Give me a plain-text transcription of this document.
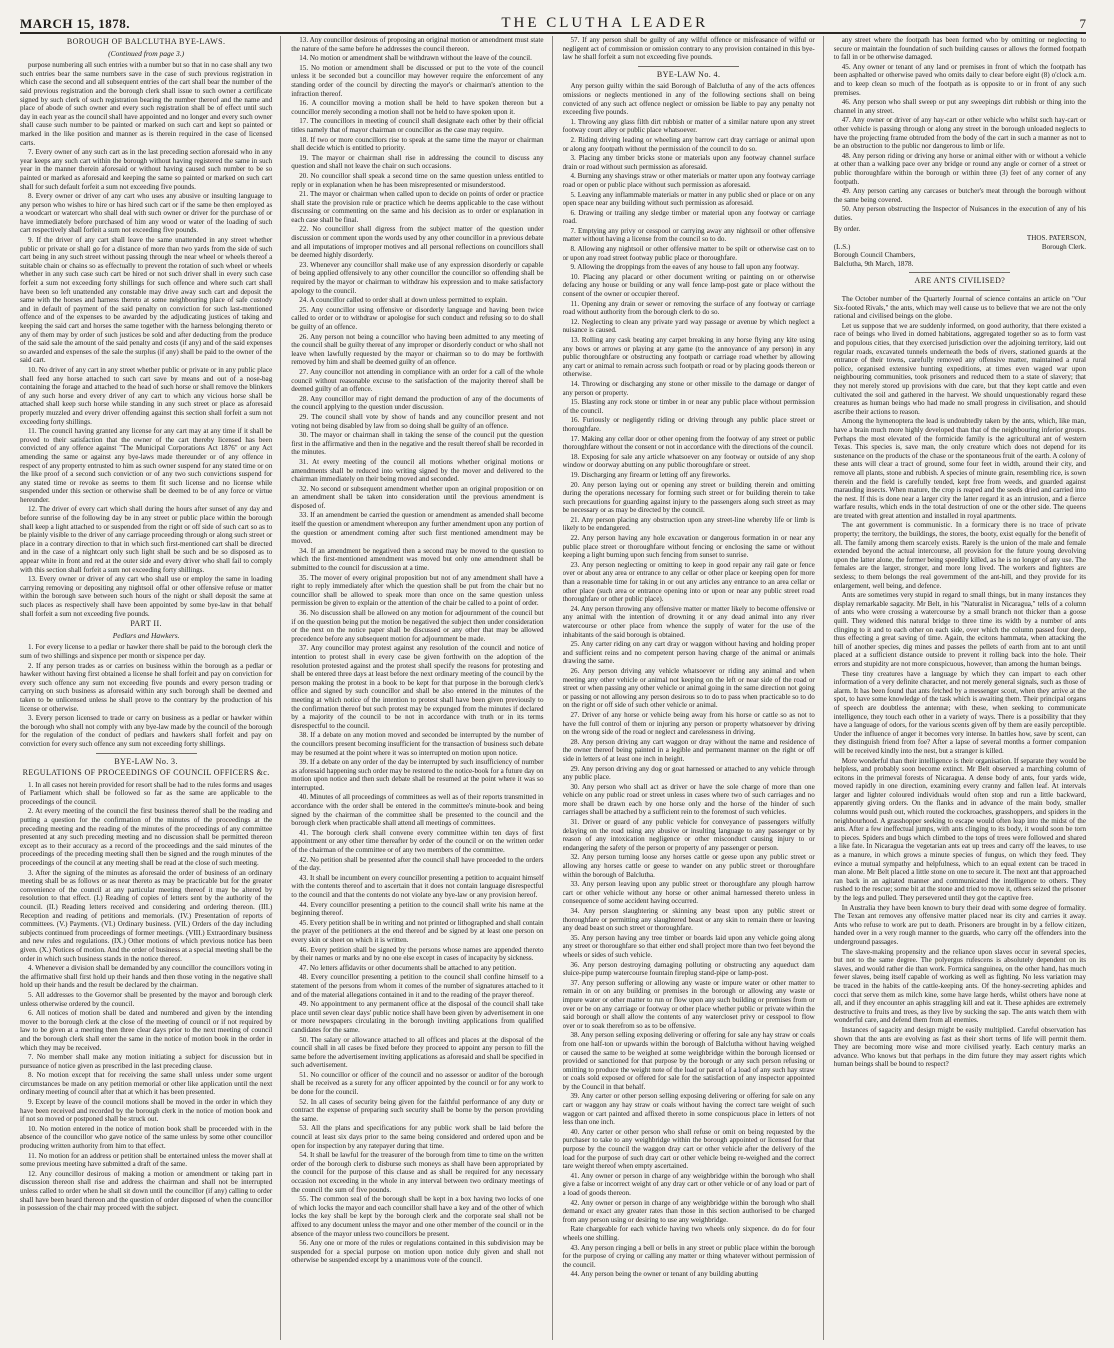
MARCH 15, 1878.	THE CLUTHA LEADER	7
BOROUGH OF BALCLUTHA BYE-LAWS.
(Continued from page 3.)

purpose numbering all such entries with a number but so that in no case shall any two such entries bear the same numbers save in the case of such previous registration in which case the second and all subsequent entries of the cart shall bear the number of the said previous registration and the borough clerk shall issue to such owner a certificate signed by such clerk of such registration bearing the number thereof and the name and place of abode of such owner and every such registration shall be of effect until such day in each year as the council shall have appointed and no longer and every such owner shall cause such number to be painted or marked on such cart and kept so painted or marked in the like position and manner as is therein required in the case of licensed carts.

7. Every owner of any such cart as in the last preceding section aforesaid who in any year keeps any such cart within the borough without having registered the same in such year in the manner therein aforesaid or without having caused such number to be so painted or marked as aforesaid and keeping the same so painted or marked on such cart shall for such default forfeit a sum not exceeding five pounds.

8. Every owner or driver of any cart who uses any abusive or insulting language to any person who wishes to hire or has hired such cart or if the same be then employed as a woodcart or watercart who shall deal with such owner or driver for the purchase of or have immediately before purchased of him any wood or water of the loading of such cart respectively shall forfeit a sum not exceeding five pounds.

9. If the driver of any cart shall leave the same unattended in any street whether public or private or shall go for a distance of more than two yards from the side of such cart being in any such street without passing through the near wheel or wheels thereof a suitable chain or chains so as effectually to prevent the rotation of such wheel or wheels whether in any such case such cart be hired or not such driver shall in every such case forfeit a sum not exceeding forty shillings for such offence and where such cart shall have been so left unattended any constable may drive away such cart and deposit the same with the horses and harness thereto at some neighbouring place of safe custody and in default of payment of the said penalty on conviction for such last-mentioned offence and of the expenses to be awarded by the adjudicating justices of taking and keeping the said cart and horses the same together with the harness belonging thereto or any of them may by order of such justices be sold and after deducting from the produce of the said sale the amount of the said penalty and costs (if any) and of the said expenses so awarded and expenses of the sale the surplus (if any) shall be paid to the owner of the said cart.

10. No driver of any cart in any street whether public or private or in any public place shall feed any horse attached to such cart save by means and out of a nose-bag containing the forage and attached to the head of such horse or shall remove the blinkers of any such horse and every driver of any cart to which any vicious horse shall be attached shall keep such horse while standing in any such street or place as aforesaid properly muzzled and every driver offending against this section shall forfeit a sum not exceeding forty shillings.

11. The council having granted any license for any cart may at any time if it shall be proved to their satisfaction that the owner of the cart thereby licensed has been convicted of any offence against "The Municipal Corporations Act 1876" or any Act amending the same or against any bye-laws made thereunder or of any offence in respect of any property entrusted to him as such owner suspend for any stated time or on the like proof of a second such conviction or of any two such convictions suspend for any stated time or revoke as seems to them fit such license and no license while suspended under this section or otherwise shall be deemed to be of any force or virtue hereunder.

12. The driver of every cart which shall during the hours after sunset of any day and before sunrise of the following day be in any street or public place within the borough shall keep a light attached to or suspended from the right or off side of such cart so as to be plainly visible to the driver of any carriage proceeding through or along such street or place in a contrary direction to that in which such first-mentioned cart shall be directed and in the case of a nightcart only such light shall be such and be so disposed as to appear white in front and red at the outer side and every driver who shall fail to comply with this section shall forfeit a sum not exceeding forty shillings.

13. Every owner or driver of any cart who shall use or employ the same in loading carrying removing or depositing any nightsoil offal or other offensive refuse or matter within the borough save between such hours of the night or shall deposit the same at such places as respectively shall have been appointed by some bye-law in that behalf shall forfeit a sum not exceeding five pounds.

PART II.
Pedlars and Hawkers.

1. For every license to a pedlar or hawker there shall be paid to the borough clerk the sum of two shillings and sixpence per month or sixpence per day.

2. If any person trades as or carries on business within the borough as a pedlar or hawker without having first obtained a license he shall forfeit and pay on conviction for every such offence any sum not exceeding five pounds and every person trading or carrying on such business as aforesaid within any such borough shall be deemed and taken to be unlicensed unless he shall prove to the contrary by the production of his license or otherwise.

3. Every person licensed to trade or carry on business as a pedlar or hawker within the borough who shall not comply with any bye-law made by the council of the borough for the regulation of the conduct of pedlars and hawkers shall forfeit and pay on conviction for every such offence any sum not exceeding forty shillings.

BYE-LAW No. 3.
REGULATIONS OF PROCEEDINGS OF COUNCIL OFFICERS &c.

1. In all cases not herein provided for resort shall be had to the rules forms and usages of Parliament which shall be followed so far as the same are applicable to the proceedings of the council.

2. At every meeting of the council the first business thereof shall be the reading and putting a question for the confirmation of the minutes of the proceedings at the preceding meeting and the reading of the minutes of the proceedings of any committee presented at any such preceding meeting and no discussion shall be permitted thereon except as to their accuracy as a record of the proceedings and the said minutes of the proceedings of the preceding meeting shall then be signed and the rough minutes of the proceedings of the council at any meeting shall be read at the close of such meeting.

3. After the signing of the minutes as aforesaid the order of business of an ordinary meeting shall be as follows or as near thereto as may be practicable but for the greater convenience of the council at any particular meeting thereof it may be altered by resolution to that effect. (I.) Reading of copies of letters sent by the authority of the council. (II.) Reading letters received and considering and ordering thereon. (III.) Reception and reading of petitions and memorials. (IV.) Presentation of reports of committees. (V.) Payments. (VI.) Ordinary business. (VII.) Orders of the day including subjects continued from proceedings of former meetings. (VIII.) Extraordinary business and new rules and regulations. (IX.) Other motions of which previous notice has been given. (X.) Notices of motion. And the order of business at a special meeting shall be the order in which such business stands in the notice thereof.

4. Whenever a division shall be demanded by any councillor the councillors voting in the affirmative shall first hold up their hands and then those voting in the negative shall hold up their hands and the result be declared by the chairman.

5. All addresses to the Governor shall be presented by the mayor and borough clerk unless otherwise ordered by the council.

6. All notices of motion shall be dated and numbered and given by the intending mover to the borough clerk at the close of the meeting of council or if not required by law to be given at a meeting then three clear days prior to the next meeting of council and the borough clerk shall enter the same in the notice of motion book in the order in which they may be received.

7. No member shall make any motion initiating a subject for discussion but in pursuance of notice given as prescribed in the last preceding clause.

8. No motion except that for receiving the same shall unless under some urgent circumstances be made on any petition memorial or other like application until the next ordinary meeting of council after that at which it has been presented.

9. Except by leave of the council motions shall be moved in the order in which they have been received and recorded by the borough clerk in the notice of motion book and if not so moved or postponed shall be struck out.

10. No motion entered in the notice of motion book shall be proceeded with in the absence of the councillor who gave notice of the same unless by some other councillor producing written authority from him to that effect.

11. No motion for an address or petition shall be entertained unless the mover shall at some previous meeting have submitted a draft of the same.

12. Any councillor desirous of making a motion or amendment or taking part in discussion thereon shall rise and address the chairman and shall not be interrupted unless called to order when he shall sit down until the councillor (if any) calling to order shall have been heard thereon and the question of order disposed of when the councillor in possession of the chair may proceed with the subject.

13. Any councillor desirous of proposing an original motion or amendment must state the nature of the same before he addresses the council thereon.

14. No motion or amendment shall be withdrawn without the leave of the council.

15. No motion or amendment shall be discussed or put to the vote of the council unless it be seconded but a councillor may however require the enforcement of any standing order of the council by directing the mayor's or chairman's attention to the infraction thereof.

16. A councillor moving a motion shall be held to have spoken thereon but a councillor merely seconding a motion shall not be held to have spoken upon it.

17. The councillors in meeting of council shall designate each other by their official titles namely that of mayor chairman or councillor as the case may require.

18. If two or more councillors rise to speak at the same time the mayor or chairman shall decide which is entitled to priority.

19. The mayor or chairman shall rise in addressing the council to discuss any question and shall not leave the chair on such occasions.

20. No councillor shall speak a second time on the same question unless entitled to reply or in explanation when he has been misrepresented or misunderstood.

21. The mayor or chairman when called upon to decide on points of order or practice shall state the provision rule or practice which he deems applicable to the case without discussing or commenting on the same and his decision as to order or explanation in each case shall be final.

22. No councillor shall digress from the subject matter of the question under discussion or comment upon the words used by any other councillor in a previous debate and all imputations of improper motives and all personal reflections on councillors shall be deemed highly disorderly.

23. Whenever any councillor shall make use of any expression disorderly or capable of being applied offensively to any other councillor the councillor so offending shall be required by the mayor or chairman to withdraw his expression and to make satisfactory apology to the council.

24. A councillor called to order shall at down unless permitted to explain.

25. Any councillor using offensive or disorderly language and having been twice called to order or to withdraw or apologise for such conduct and refusing so to do shall be guilty of an offence.

26. Any person not being a councillor who having been admitted to any meeting of the council shall be guilty thereat of any improper or disorderly conduct or who shall not leave when lawfully requested by the mayor or chairman so to do may be forthwith removed by him and shall be deemed guilty of an offence.

27. Any councillor not attending in compliance with an order for a call of the whole council without reasonable excuse to the satisfaction of the majority thereof shall be deemed guilty of an offence.

28. Any councillor may of right demand the production of any of the documents of the council applying to the question under discussion.

29. The council shall vote by show of hands and any councillor present and not voting not being disabled by law from so doing shall be guilty of an offence.

30. The mayor or chairman shall in taking the sense of the council put the question first in the affirmative and then in the negative and the result thereof shall be recorded in the minutes.

31. At every meeting of the council all motions whether original motions or amendments shall be reduced into writing signed by the mover and delivered to the chairman immediately on their being moved and seconded.

32. No second or subsequent amendment whether upon an original proposition or on an amendment shall be taken into consideration until the previous amendment is disposed of.

33. If an amendment be carried the question or amendment as amended shall become itself the question or amendment whereupon any further amendment upon any portion of the question or amendment coming after such first mentioned amendment may be moved.

34. If an amendment be negatived then a second may be moved to the question to which the first-mentioned amendment was moved but only one amendment shall be submitted to the council for discussion at a time.

35. The mover of every original proposition but not of any amendment shall have a right to reply immediately after which the question shall be put from the chair but no councillor shall be allowed to speak more than once on the same question unless permission be given to explain or the attention of the chair be called to a point of order.

36. No discussion shall be allowed on any motion for adjournment of the council but if on the question being put the motion be negatived the subject then under consideration or the next on the notice paper shall be discussed or any other that may be allowed precedence before any subsequent motion for adjournment be made.

37. Any councillor may protest against any resolution of the council and notice of intention to protest shall in every case be given forthwith on the adoption of the resolution protested against and the protest shall specify the reasons for protesting and shall be entered three days at least before the next ordinary meeting of the council by the person making the protest in a book to be kept for that purpose in the borough clerk's office and signed by such councillor and shall be also entered in the minutes of the meeting at which notice of the intention to protest shall have been given previously to the confirmation thereof but such protest may be expunged from the minutes if declared by a majority of the council to be not in accordance with truth or in its terms disrespectful to the council.

38. If a debate on any motion moved and seconded be interrupted by the number of the councillors present becoming insufficient for the transaction of business such debate may be resumed at the point where it was so interrupted on motion upon notice.

39. If a debate on any order of the day be interrupted by such insufficiency of number as aforesaid happening such order may be restored to the notice-book for a future day on motion upon notice and then such debate shall be resumed at the point where it was so interrupted.

40. Minutes of all proceedings of committees as well as of their reports transmitted in accordance with the order shall be entered in the committee's minute-book and being signed by the chairman of the committee shall be presented to the council and the borough clerk when practicable shall attend all meetings of committees.

41. The borough clerk shall convene every committee within ten days of first appointment or any other time thereafter by order of the council or on the written order of the chairman of the committee or of any two members of the committee.

42. No petition shall be presented after the council shall have proceeded to the orders of the day.

43. It shall be incumbent on every councillor presenting a petition to acquaint himself with the contents thereof and to ascertain that it does not contain language disrespectful to the council and that the contents do not violate any bye-law or any provision hereof.

44. Every councillor presenting a petition to the council shall write his name at the beginning thereof.

45. Every petition shall be in writing and not printed or lithographed and shall contain the prayer of the petitioners at the end thereof and be signed by at least one person on every skin or sheet on which it is written.

46. Every petition shall be signed by the persons whose names are appended thereto by their names or marks and by no one else except in cases of incapacity by sickness.

47. No letters affidavits or other documents shall be attached to any petition.

48. Every councillor presenting a petition to the council shall confine himself to a statement of the persons from whom it comes of the number of signatures attached to it and of the material allegations contained in it and to the reading of the prayer thereof.

49. No appointment to any permanent office at the disposal of the council shall take place until seven clear days' public notice shall have been given by advertisement in one or more newspapers circulating in the borough inviting applications from qualified candidates for the same.

50. The salary or allowance attached to all offices and places at the disposal of the council shall in all cases be fixed before they proceed to appoint any person to fill the same before the advertisement inviting applications as aforesaid and shall be specified in such advertisement.

51. No councillor or officer of the council and no assessor or auditor of the borough shall be received as a surety for any officer appointed by the council or for any work to be done for the council.

52. In all cases of security being given for the faithful performance of any duty or contract the expense of preparing such security shall be borne by the person providing the same.

53. All the plans and specifications for any public work shall be laid before the council at least six days prior to the same being considered and ordered upon and be open for inspection by any ratepayer during that time.

54. It shall be lawful for the treasurer of the borough from time to time on the written order of the borough clerk to disburse such moneys as shall have been appropriated by the council for the purpose of this clause and as shall be required for any necessary occasion not exceeding in the whole in any interval between two ordinary meetings of the council the sum of five pounds.

55. The common seal of the borough shall be kept in a box having two locks of one of which locks the mayor and each councillor shall have a key and of the other of which locks the key shall be kept by the borough clerk and the corporate seal shall not be affixed to any document unless the mayor and one other member of the council or in the absence of the mayor unless two councillors be present.

56. Any one or more of the rules or regulations contained in this subdivision may be suspended for a special purpose on motion upon notice duly given and shall not otherwise be suspended except by a unanimous vote of the council.

57. If any person shall be guilty of any wilful offence or misfeasance of wilful or negligent act of commission or omission contrary to any provision contained in this bye-law he shall forfeit a sum not exceeding five pounds.

BYE-LAW No. 4.

Any person guilty within the said Borough of Balclutha of any of the acts offences omissions or neglects mentioned in any of the following sections shall on being convicted of any such act offence neglect or omission be liable to pay any penalty not exceeding five pounds.

1. Throwing any glass filth dirt rubbish or matter of a similar nature upon any street footway court alley or public place whatsoever.

2. Riding driving leading or wheeling any barrow cart dray carriage or animal upon or along any footpath without the permission of the council to do so.

3. Placing any timber bricks stone or materials upon any footway channel surface drain or road without such permission as aforesaid.

4. Burning any shavings straw or other materials or matter upon any footway carriage road or open or public place without such permission as aforesaid.

5. Leaving any inflammable materials or matter in any public shed or place or on any open space near any building without such permission as aforesaid.

6. Drawing or trailing any sledge timber or material upon any footway or carriage road.

7. Emptying any privy or cesspool or carrying away any nightsoil or other offensive matter without having a license from the council so to do.

8. Allowing any nightsoil or other offensive matter to be spilt or otherwise cast on to or upon any road street footway public place or thoroughfare.

9. Allowing the droppings from the eaves of any house to fall upon any footway.

10. Placing any placard or other document writing or painting on or otherwise defacing any house or building or any wall fence lamp-post gate or place without the consent of the owner or occupier thereof.

11. Opening any drain or sewer or removing the surface of any footway or carriage road without authority from the borough clerk to do so.

12. Neglecting to clean any private yard way passage or avenue by which neglect a nuisance is caused.

13. Rolling any cask beating any carpet breaking in any horse flying any kite using any bows or arrows or playing at any game (to the annoyance of any person) in any public thoroughfare or obstructing any footpath or carriage road whether by allowing any cart or animal to remain across such footpath or road or by placing goods thereon or otherwise.

14. Throwing or discharging any stone or other missile to the damage or danger of any person or property.

15. Blasting any rock stone or timber in or near any public place without permission of the council.

16. Furiously or negligently riding or driving through any public place street or thoroughfare.

17. Making any cellar door or other opening from the footway of any street or public thoroughfare without the consent or not in accordance with the directions of the council.

18. Exposing for sale any article whatsoever on any footway or outside of any shop window or doorway abutting on any public thoroughfare or street.

19. Discharging any firearm or letting off any fireworks.

20. Any person laying out or opening any street or building therein and omitting during the operations necessary for forming such street or for building therein to take such precautions for guarding against injury to the passengers along such street as may be necessary or as may be directed by the council.

21. Any person placing any obstruction upon any street-line whereby life or limb is likely to be endangered.

22. Any person having any hole excavation or dangerous formation in or near any public place street or thoroughfare without fencing or enclosing the same or without keeping a light burning upon such fencing from sunset to sunrise.

23. Any person neglecting or omitting to keep in good repair any rail gate or fence over or about any area or entrance to any cellar or other place or keeping open for more than a reasonable time for taking in or out any articles any entrance to an area cellar or other place (such area or entrance opening into or upon or near any public street road thoroughfare or other public place).

24. Any person throwing any offensive matter or matter likely to become offensive or any animal with the intention of drowning it or any dead animal into any river watercourse or other place from whence the supply of water for the use of the inhabitants of the said borough is obtained.

25. Any carter riding on any cart dray or waggon without having and holding proper and sufficient reins and no competent person having charge of the animal or animals drawing the same.

26. Any person driving any vehicle whatsoever or riding any animal and when meeting any other vehicle or animal not keeping on the left or near side of the road or street or when passing any other vehicle or animal going in the same direction not going or passing or not allowing any person desirous so to do to pass when practicable so to do on the right or off side of such other vehicle or animal.

27. Driver of any horse or vehicle being away from his horse or cattle so as not to have the full control of them or injuring any person or property whatsoever by driving on the wrong side of the road or neglect and carelessness in driving.

28. Any person driving any cart waggon or dray without the name and residence of the owner thereof being painted in a legible and permanent manner on the right or off side in letters of at least one inch in height.

29. Any person driving any dog or goat harnessed or attached to any vehicle through any public place.

30. Any person who shall act as driver or have the sole charge of more than one vehicle on any public road or street unless in cases where two of such carriages and no more shall be drawn each by one horse only and the horse of the hinder of such carriages shall be attached by a sufficient rein to the foremost of such vehicles.

31. Driver or guard of any public vehicle for conveyance of passengers wilfully delaying on the road using any abusive or insulting language to any passenger or by reason of any intoxication negligence or other misconduct causing injury to or endangering the safety of the person or property of any passenger or person.

32. Any person turning loose any horses cattle or geese upon any public street or allowing any horses cattle or geese to wander on any public street or thoroughfare within the borough of Balclutha.

33. Any person leaving upon any public street or thoroughfare any plough harrow cart or other vehicle without any horse or other animal harnessed thereto unless in consequence of some accident having occurred.

34. Any person slaughtering or skinning any beast upon any public street or thoroughfare or permitting any slaughtered beast or any skin to remain there or leaving any dead beast on such street or thoroughfare.

35. Any person having any tree timber or boards laid upon any vehicle going along any street or thoroughfare so that either end shall project more than two feet beyond the wheels or sides of such vehicle.

36. Any person destroying damaging polluting or obstructing any aqueduct dam sluice-pipe pump watercourse fountain fireplug stand-pipe or lamp-post.

37. Any person suffering or allowing any waste or impure water or other matter to remain in or on any building or premises in the borough or allowing any waste or impure water or other matter to run or flow upon any such building or premises from or over or be on any carriage or footway or other place whether public or private within the said borough or shall allow the contents of any watercloset privy or cesspool to flow over or to soak therefrom so as to be offensive.

38. Any person selling exposing delivering or offering for sale any hay straw or coals from one half-ton or upwards within the borough of Balclutha without having weighed or caused the same to be weighed at some weighbridge within the borough licensed or provided or sanctioned for that purpose by the borough or any such person refusing or omitting to produce the weight note of the load or parcel of a load of any such hay straw or coals sold exposed or offered for sale for the satisfaction of any inspector appointed by the Council in that behalf.

39. Any carter or other person selling exposing delivering or offering for sale on any cart or waggon any hay straw or coals without having the correct tare weight of such waggon or cart painted and affixed thereto in some conspicuous place in letters of not less than one inch.

40. Any carter or other person who shall refuse or omit on being requested by the purchaser to take to any weighbridge within the borough appointed or licensed for that purpose by the council the waggon dray cart or other vehicle after the delivery of the load for the purpose of such dray cart or other vehicle being re-weighed and the correct tare weight thereof when empty ascertained.

41. Any owner or person in charge of any weighbridge within the borough who shall give a false or incorrect weight of any dray cart or other vehicle or of any load or part of a load of goods thereon.

42. Any owner or person in charge of any weighbridge within the borough who shall demand or exact any greater rates than those in this section authorised to be charged from any person using or desiring to use any weighbridge.

Rate chargeable for each vehicle having two wheels only sixpence. do do for four wheels one shilling.

43. Any person ringing a bell or bells in any street or public place within the borough for the purpose of crying or calling any matter or thing whatever without permission of the council.

44. Any person being the owner or tenant of any building abutting

any street where the footpath has been formed who by omitting or neglecting to secure or maintain the foundation of such building causes or allows the formed footpath to fall in or be otherwise damaged.

45. Any owner or tenant of any land or premises in front of which the footpath has been asphalted or otherwise paved who omits daily to clear before eight (8) o'clock a.m. and to keep clean so much of the footpath as is opposite to or in front of any such premises.

46. Any person who shall sweep or put any sweepings dirt rubbish or thing into the channel in any street.

47. Any owner or driver of any hay-cart or other vehicle who whilst such hay-cart or other vehicle is passing through or along any street in the borough unloaded neglects to have the projecting frame obtruded from the body of the cart in such a manner as not to be an obstruction to the public nor dangerous to limb or life.

48. Any person riding or driving any horse or animal either with or without a vehicle at other than a walking pace over any bridge or round any angle or corner of a street or public thoroughfare within the borough or within three (3) feet of any corner of any footpath.

49. Any person carting any carcases or butcher's meat through the borough without the same being covered.

50. Any person obstructing the Inspector of Nuisances in the execution of any of his duties.

By order.
THOS. PATERSON,
(L.S.)	Borough Clerk.
Borough Council Chambers,
Balclutha, 9th March, 1878.
ARE ANTS CIVILISED?

The October number of the Quarterly Journal of science contains an article on "Our Six-footed Rivals," the ants, which may well cause us to believe that we are not the only rational and civilised beings on the globe.

Let us suppose that we are suddenly informed, on good authority, that there existed a race of beings who lived in domed habitations, aggregated together so as to form vast and populous cities, that they exercised jurisdiction over the adjoining territory, laid out regular roads, excavated tunnels underneath the beds of rivers, stationed guards at the entrance of their towns, carefully removed any offensive matter, maintained a rural police, organised extensive hunting expeditions, at times even waged war upon neighbouring communities, took prisoners and reduced them to a state of slavery; that they not merely stored up provisions with due care, but that they kept cattle and even cultivated the soil and gathered in the harvest. We should unquestionably regard these creatures as human beings who had made no small progress in civilisation, and should ascribe their actions to reason.

Among the hymenoptera the lead is undoubtedly taken by the ants, which, like man, have a brain much more highly developed than that of the neighbouring inferior groups. Perhaps the most elevated of the formicide family is the agricultural ant of western Texas. This species is, save man, the only creature which does not depend for its sustenance on the products of the chase or the spontaneous fruit of the earth. A colony of these ants will clear a tract of ground, some four feet in width, around their city, and remove all plants, stone and rubbish. A species of minute grain, resembling rice, is sown therein and the field is carefully tended, kept free from weeds, and guarded against marauding insects. When mature, the crop is reaped and the seeds dried and carried into the nest. If this is done near a larger city the latter regard it as an intrusion, and a fierce warfare results, which ends in the total destruction of one or the other side. The queens are treated with great attention and installed in royal apartments.

The ant government is communistic. In a formicary there is no trace of private property; the territory, the buildings, the stores, the booty, exist equally for the benefit of all. The family among them scarcely exists. Rarely is the union of the male and female extended beyond the actual intercourse, all provision for the future young devolving upon the latter alone, the former being speedily killed, as he is no longer of any use. The females are the larger, stronger, and more long lived. The workers and fighters are sexless; to them belongs the real government of the ant-hill, and they provide for its enlargement, well being, and defence.

Ants are sometimes very stupid in regard to small things, but in many instances they display remarkable sagacity. Mr Belt, in his "Naturalist in Nicaragua," tells of a column of ants who were crossing a watercourse by a small branch not thicker than a goose quill. They widened this natural bridge to three time its width by a number of ants clinging to it and to each other on each side, over which the column passed four deep, thus effecting a great saving of time. Again, the ecitons hammata, when attacking the hill of another species, dig mines and passes the pellets of earth from ant to ant until placed at a sufficient distance outside to prevent it rolling back into the hole. Their errors and stupidity are not more conspicuous, however, than among the human beings.

These tiny creatures have a language by which they can impart to each other information of a very definite character, and not merely general signals, such as those of alarm. It has been found that ants fetched by a messenger scout, when they arrive at the spot, to have some knowledge of the task which is awaiting them. Their principal organs of speech are doubtless the antennæ; with these, when seeking to communicate intelligence, they touch each other in a variety of ways. There is a possibility that they have a language of odors, for the various scents given off by them are easily perceptible. Under the influence of anger it becomes very intense. In battles how, save by scent, can they distinguish friend from foe? After a lapse of several months a former companion will be received kindly into the nest, but a stranger is killed.

More wonderful than their intelligence is their organisation. If separate they would be helpless, and probably soon become extinct. Mr Belt observed a marching column of ecitons in the primeval forests of Nicaragua. A dense body of ants, four yards wide, moved rapidly in one direction, examining every cranny and fallen leaf. At intervals larger and lighter coloured individuals would often stop and run a little backward, apparently giving orders. On the flanks and in advance of the main body, smaller columns would push out, which routed the cockroaches, grasshoppers, and spiders in the neighbourhood. A grasshopper seeking to escape would often leap into the midst of the ants. After a few ineffectual jumps, with ants clinging to its body, it would soon be torn to pieces. Spiders and bugs which climbed to the tops of trees were followed and shared a like fate. In Nicaragua the vegetarian ants eat up trees and carry off the leaves, to use as a manure, in which grows a minute species of fungus, on which they feed. They evince a mutual sympathy and helpfulness, which to an equal extent can be traced in man alone. Mr Belt placed a little stone on one to secure it. The next ant that approached ran back in an agitated manner and communicated the intelligence to others. They rushed to the rescue; some bit at the stone and tried to move it, others seized the prisoner by the legs and pulled. They persevered until they got the captive free.

In Australia they have been known to bury their dead with some degree of formality. The Texan ant removes any offensive matter placed near its city and carries it away. Ants who refuse to work are put to death. Prisoners are brought in by a fellow citizen, handed over in a very rough manner to the guards, who carry off the offenders into the underground passages.

The slave-making propensity and the reliance upon slaves occur in several species, but not to the same degree. The polyergus rufescens is absolutely dependent on its slaves, and would rather die than work. Formica sanguinea, on the other hand, has much fewer slaves, being itself capable of working as well as fighting. No less variation may be traced in the habits of the cattle-keeping ants. Of the honey-secreting aphides and cocci that serve them as milch kine, some have large herds, whilst others have none at all, and if they encounter an aphis straggling kill and eat it. These aphides are extremely destructive to fruits and trees, as they live by sucking the sap. The ants watch them with wonderful care, and defend them from all enemies.

Instances of sagacity and design might be easily multiplied. Careful observation has shown that the ants are evolving as fast as their short terms of life will permit them. They are becoming more wise and more civilised yearly. Each century marks an advance. Who knows but that perhaps in the dim future they may assert rights which human beings shall be bound to respect?
